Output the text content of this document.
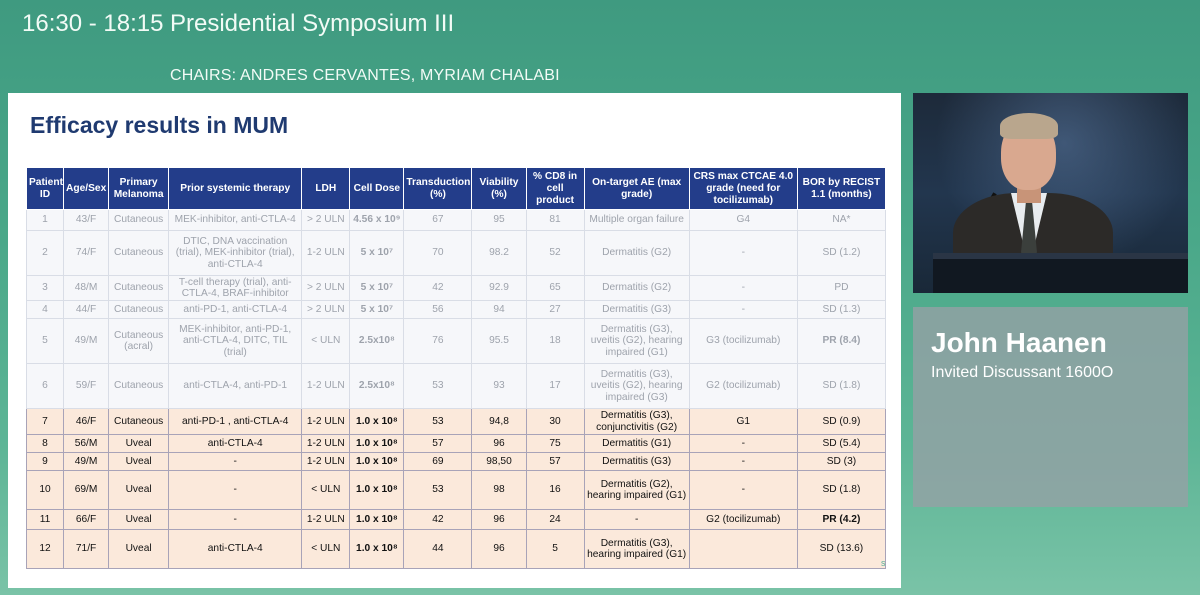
16:30 - 18:15 Presidential Symposium III
CHAIRS: ANDRES CERVANTES, MYRIAM CHALABI
Efficacy results in MUM
Patient ID	Age/Sex	Primary Melanoma	Prior systemic therapy	LDH	Cell Dose	Transduction (%)	Viability (%)	% CD8 in cell product	On-target AE (max grade)	CRS max CTCAE 4.0 grade (need for tocilizumab)	BOR by RECIST 1.1 (months)
1	43/F	Cutaneous	MEK-inhibitor, anti-CTLA-4	> 2 ULN	4.56 x 10⁹	67	95	81	Multiple organ failure	G4	NA*
2	74/F	Cutaneous	DTIC, DNA vaccination (trial), MEK-inhibitor (trial), anti-CTLA-4	1-2 ULN	5 x 10⁷	70	98.2	52	Dermatitis (G2)	-	SD (1.2)
3	48/M	Cutaneous	T-cell therapy (trial), anti-CTLA-4, BRAF-inhibitor	> 2 ULN	5 x 10⁷	42	92.9	65	Dermatitis (G2)	-	PD
4	44/F	Cutaneous	anti-PD-1, anti-CTLA-4	> 2 ULN	5 x 10⁷	56	94	27	Dermatitis (G3)	-	SD (1.3)
5	49/M	Cutaneous (acral)	MEK-inhibitor, anti-PD-1, anti-CTLA-4, DITC, TIL (trial)	< ULN	2.5x10⁸	76	95.5	18	Dermatitis (G3), uveitis (G2), hearing impaired (G1)	G3 (tocilizumab)	PR (8.4)
6	59/F	Cutaneous	anti-CTLA-4, anti-PD-1	1-2 ULN	2.5x10⁸	53	93	17	Dermatitis (G3), uveitis (G2), hearing impaired (G3)	G2 (tocilizumab)	SD (1.8)
7	46/F	Cutaneous	anti-PD-1 , anti-CTLA-4	1-2 ULN	1.0 x 10⁸	53	94,8	30	Dermatitis (G3), conjunctivitis (G2)	G1	SD (0.9)
8	56/M	Uveal	anti-CTLA-4	1-2 ULN	1.0 x 10⁸	57	96	75	Dermatitis (G1)	-	SD (5.4)
9	49/M	Uveal	-	1-2 ULN	1.0 x 10⁸	69	98,50	57	Dermatitis (G3)	-	SD (3)
10	69/M	Uveal	-	< ULN	1.0 x 10⁸	53	98	16	Dermatitis (G2), hearing impaired (G1)	-	SD (1.8)
11	66/F	Uveal	-	1-2 ULN	1.0 x 10⁸	42	96	24	-	G2 (tocilizumab)	PR (4.2)
12	71/F	Uveal	anti-CTLA-4	< ULN	1.0 x 10⁸	44	96	5	Dermatitis (G3), hearing impaired (G1)		SD (13.6)
s
John Haanen
Invited Discussant 1600O
